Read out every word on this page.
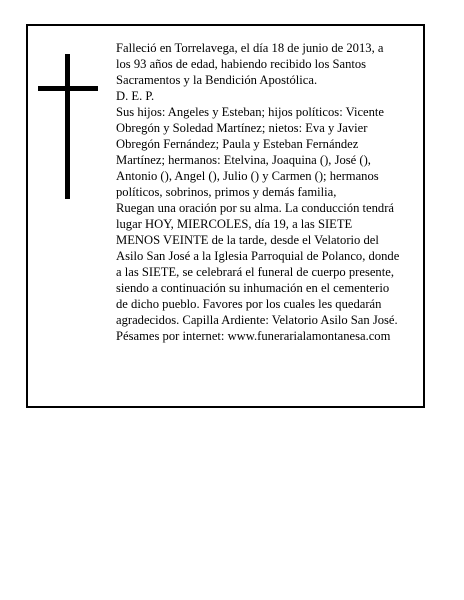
Falleció en Torrelavega, el día 18 de junio de 2013, a
los 93 años de edad, habiendo recibido los Santos
Sacramentos y la Bendición Apostólica.
D. E. P.
Sus hijos: Angeles y Esteban; hijos políticos: Vicente
Obregón y Soledad Martínez; nietos: Eva y Javier
Obregón Fernández; Paula y Esteban Fernández
Martínez; hermanos: Etelvina, Joaquina (), José (),
Antonio (), Angel (), Julio () y Carmen (); hermanos
políticos, sobrinos, primos y demás familia,
Ruegan una oración por su alma. La conducción tendrá
lugar HOY, MIERCOLES, día 19, a las SIETE
MENOS VEINTE de la tarde, desde el Velatorio del
Asilo San José a la Iglesia Parroquial de Polanco, donde
a las SIETE, se celebrará el funeral de cuerpo presente,
siendo a continuación su inhumación en el cementerio
de dicho pueblo. Favores por los cuales les quedarán
agradecidos. Capilla Ardiente: Velatorio Asilo San José.
Pésames por internet: www.funerarialamontanesa.com
